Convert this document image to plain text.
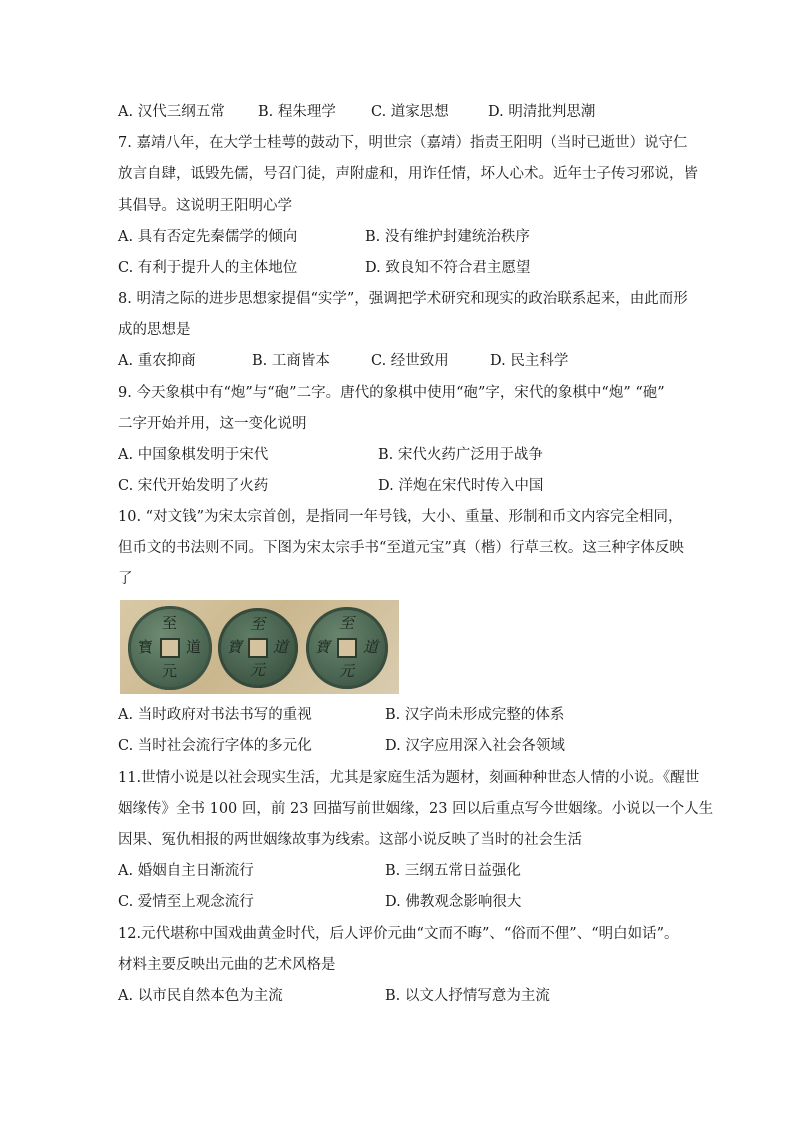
A. 汉代三纲五常 B. 程朱理学 C. 道家思想	D. 明清批判思潮
7. 嘉靖八年，在大学士桂萼的鼓动下，明世宗（嘉靖）指责王阳明（当时已逝世）说守仁
放言自肆，诋毁先儒，号召门徒，声附虚和，用诈任情，坏人心术。近年士子传习邪说，皆
其倡导。这说明王阳明心学
A. 具有否定先秦儒学的倾向	B. 没有维护封建统治秩序
C. 有利于提升人的主体地位	D. 致良知不符合君主愿望
8. 明清之际的进步思想家提倡“实学”，强调把学术研究和现实的政治联系起来，由此而形
成的思想是
A. 重农抑商	B. 工商皆本	C. 经世致用	D. 民主科学
9. 今天象棋中有“炮”与“砲”二字。唐代的象棋中使用“砲”字，宋代的象棋中“炮” “砲”
二字开始并用，这一变化说明
A. 中国象棋发明于宋代	B. 宋代火药广泛用于战争
C. 宋代开始发明了火药	D. 洋炮在宋代时传入中国
10. “对文钱”为宋太宗首创，是指同一年号钱，大小、重量、形制和币文内容完全相同，
但币文的书法则不同。下图为宋太宗手书“至道元宝”真（楷）行草三枚。这三种字体反映
了
至
道
元
寶
至
道
元
寶
至
道
元
寶
A. 当时政府对书法书写的重视	B. 汉字尚未形成完整的体系
C. 当时社会流行字体的多元化	D. 汉字应用深入社会各领域
11.世情小说是以社会现实生活，尤其是家庭生活为题材，刻画种种世态人情的小说。《醒世
姻缘传》全书 100 回，前 23 回描写前世姻缘，23 回以后重点写今世姻缘。小说以一个人生
因果、冤仇相报的两世姻缘故事为线索。这部小说反映了当时的社会生活
A. 婚姻自主日渐流行	B. 三纲五常日益强化
C. 爱情至上观念流行	D. 佛教观念影响很大
12.元代堪称中国戏曲黄金时代，后人评价元曲“文而不晦”、“俗而不俚”、“明白如话”。
材料主要反映出元曲的艺术风格是
A. 以市民自然本色为主流	B. 以文人抒情写意为主流
